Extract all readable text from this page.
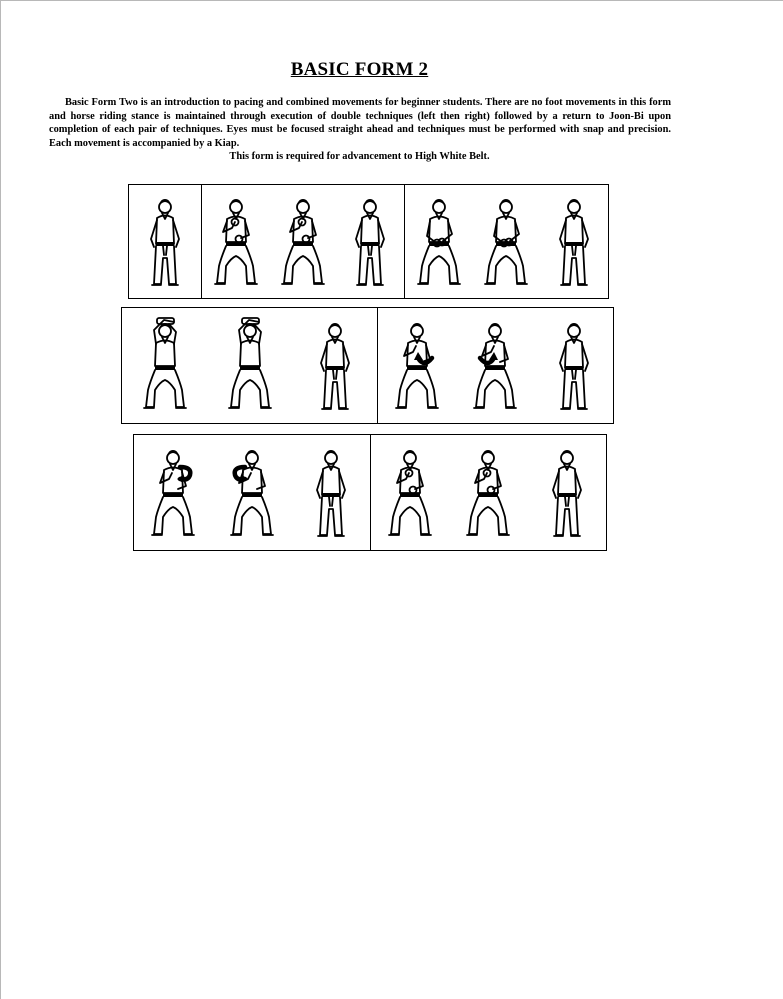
BASIC FORM 2
Basic Form Two is an introduction to pacing and combined movements for beginner students. There are no foot movements in this form and horse riding stance is maintained through execution of double techniques (left then right) followed by a return to Joon-Bi upon completion of each pair of techniques. Eyes must be focused straight ahead and techniques must be performed with snap and precision. Each movement is accompanied by a Kiap.
This form is required for advancement to High White Belt.
